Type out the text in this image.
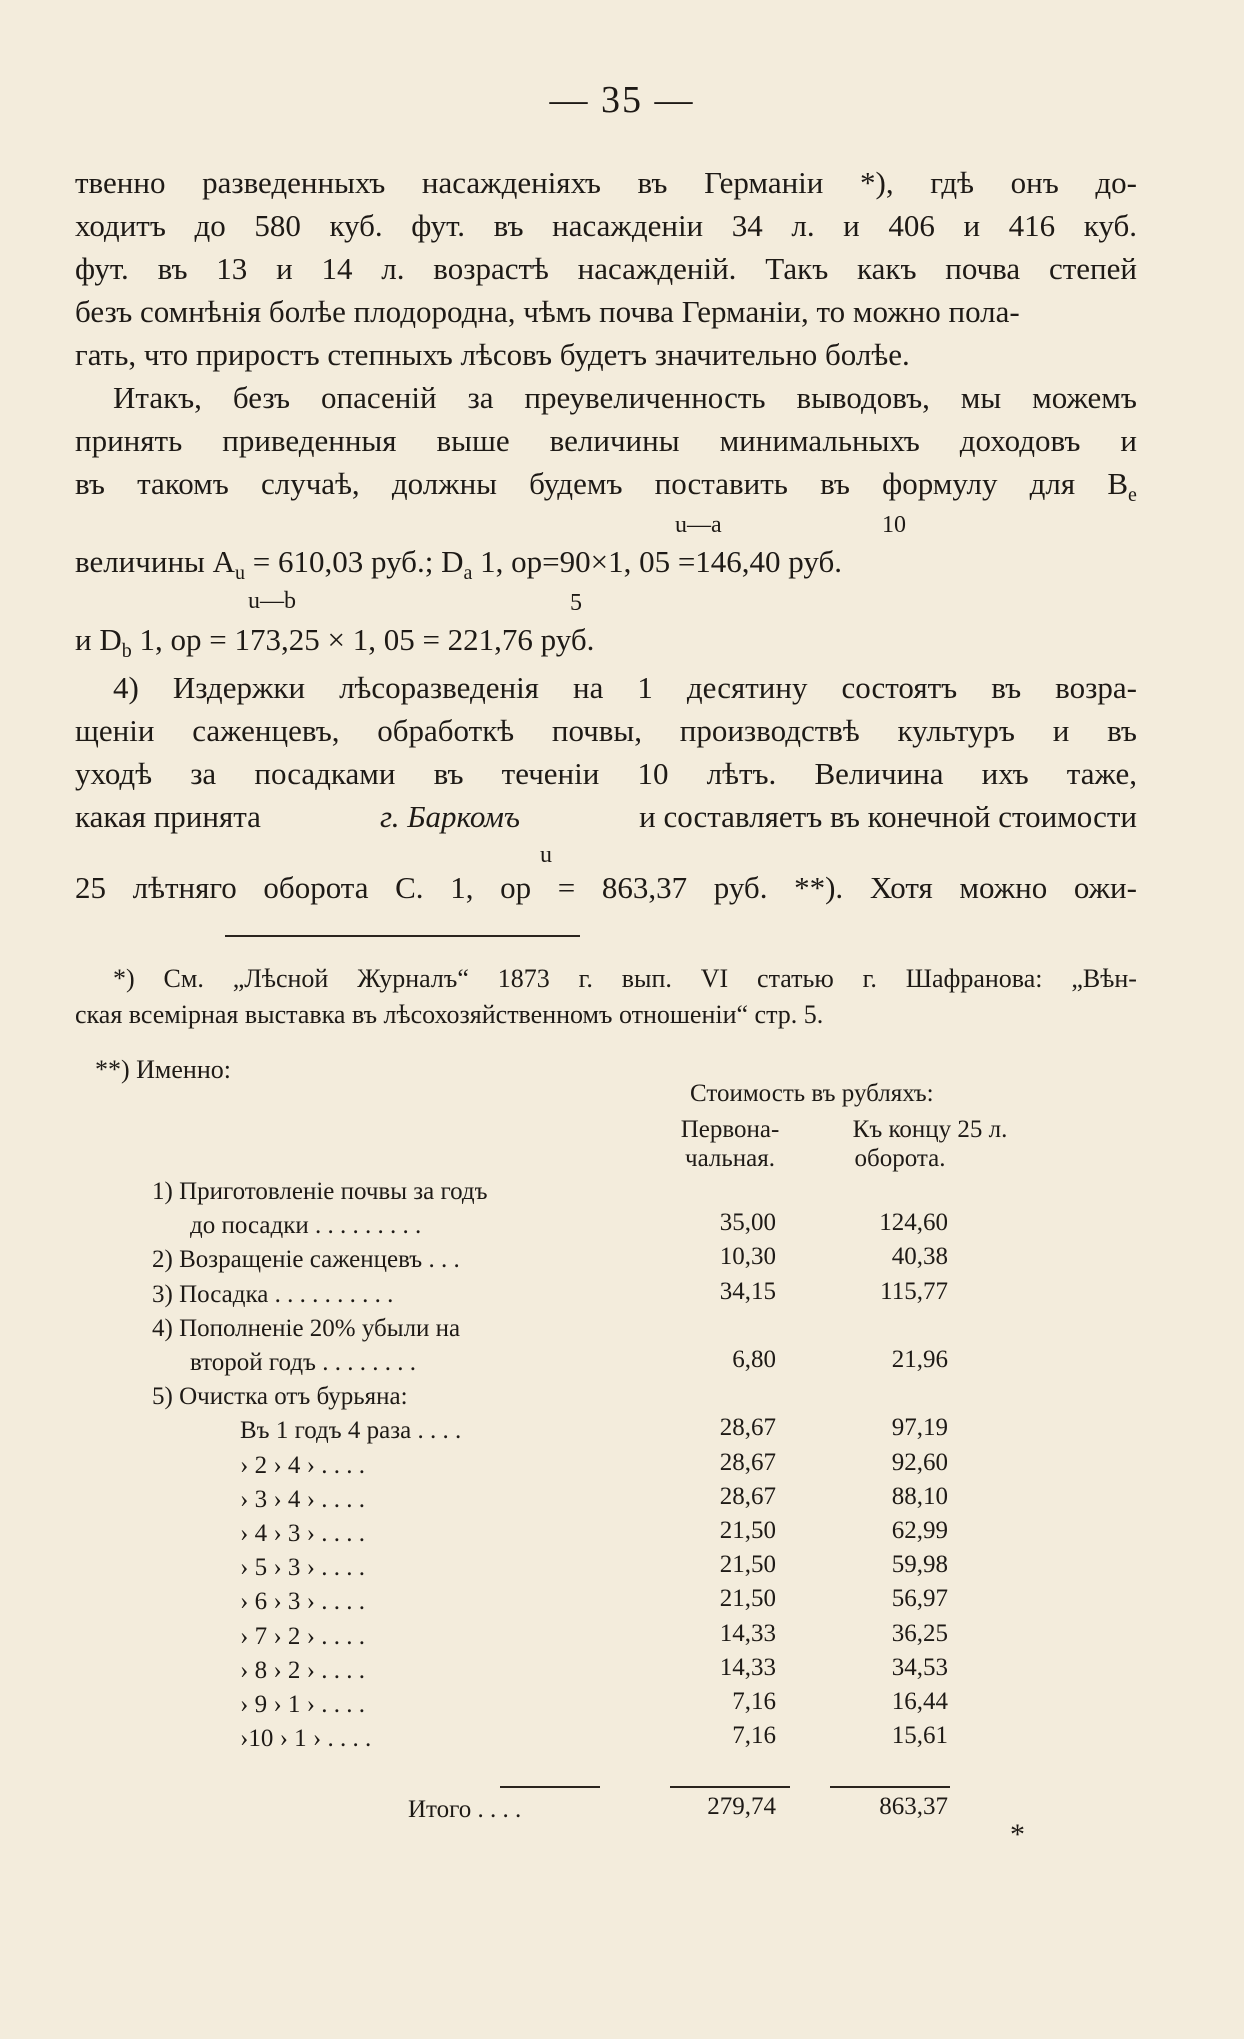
— 35 —
твенно разведенныхъ насажденіяхъ въ Германіи *), гдѣ онъ до-
ходитъ до 580 куб. фут. въ насажденіи 34 л. и 406 и 416 куб.
фут. въ 13 и 14 л. возрастѣ насажденій. Такъ какъ почва степей
безъ сомнѣнія болѣе плодородна, чѣмъ почва Германіи, то можно пола-
гать, что приростъ степныхъ лѣсовъ будетъ значительно болѣе.
Итакъ, безъ опасеній за преувеличенность выводовъ, мы можемъ
принять приведенныя выше величины минимальныхъ доходовъ и
въ такомъ случаѣ, должны будемъ поставить въ формулу для $B_e$
u—a	10
величины $A_u = 610,03$ руб.; $D_a$ 1, op=90×1, 05 =146,40 руб.
u—b	5
и $D_b$ 1, op = 173,25 × 1, 05 = 221,76 руб.
4) Издержки лѣсоразведенія на 1 десятину состоятъ въ возра-
щеніи саженцевъ, обработкѣ почвы, производствѣ культуръ и въ
уходѣ за посадками въ теченіи 10 лѣтъ. Величина ихъ таже,
какая принята	г. Баркомъ	и составляетъ въ конечной стоимости
u
25 лѣтняго оборота С. 1, op = 863,37 руб. **). Хотя можно ожи-
*) См. „Лѣсной Журналъ“ 1873 г. вып. VI статью г. Шафранова: „Вѣн-
ская всемірная выставка въ лѣсохозяйственномъ отношеніи“ стр. 5.
**) Именно:
Стоимость въ рубляхъ:
Первона-
чальная.
Къ концу 25 л.
оборота.
1) Приготовленіе почвы за годъ
до посадки . . . . . . . . .	35,00	124,60
2) Возращеніе саженцевъ . . .	10,30	40,38
3) Посадка . . . . . . . . . .	34,15	115,77
4) Пополненіе 20% убыли на
второй годъ . . . . . . . .	6,80	21,96
5) Очистка отъ бурьяна:
Въ 1 годъ 4 раза . . . .	28,67	97,19
› 2 › 4 › . . . .	28,67	92,60
› 3 › 4 › . . . .	28,67	88,10
› 4 › 3 › . . . .	21,50	62,99
› 5 › 3 › . . . .	21,50	59,98
› 6 › 3 › . . . .	21,50	56,97
› 7 › 2 › . . . .	14,33	36,25
› 8 › 2 › . . . .	14,33	34,53
› 9 › 1 › . . . .	7,16	16,44
›10 › 1 › . . . .	7,16	15,61
Итого . . . .	279,74	863,37
*
